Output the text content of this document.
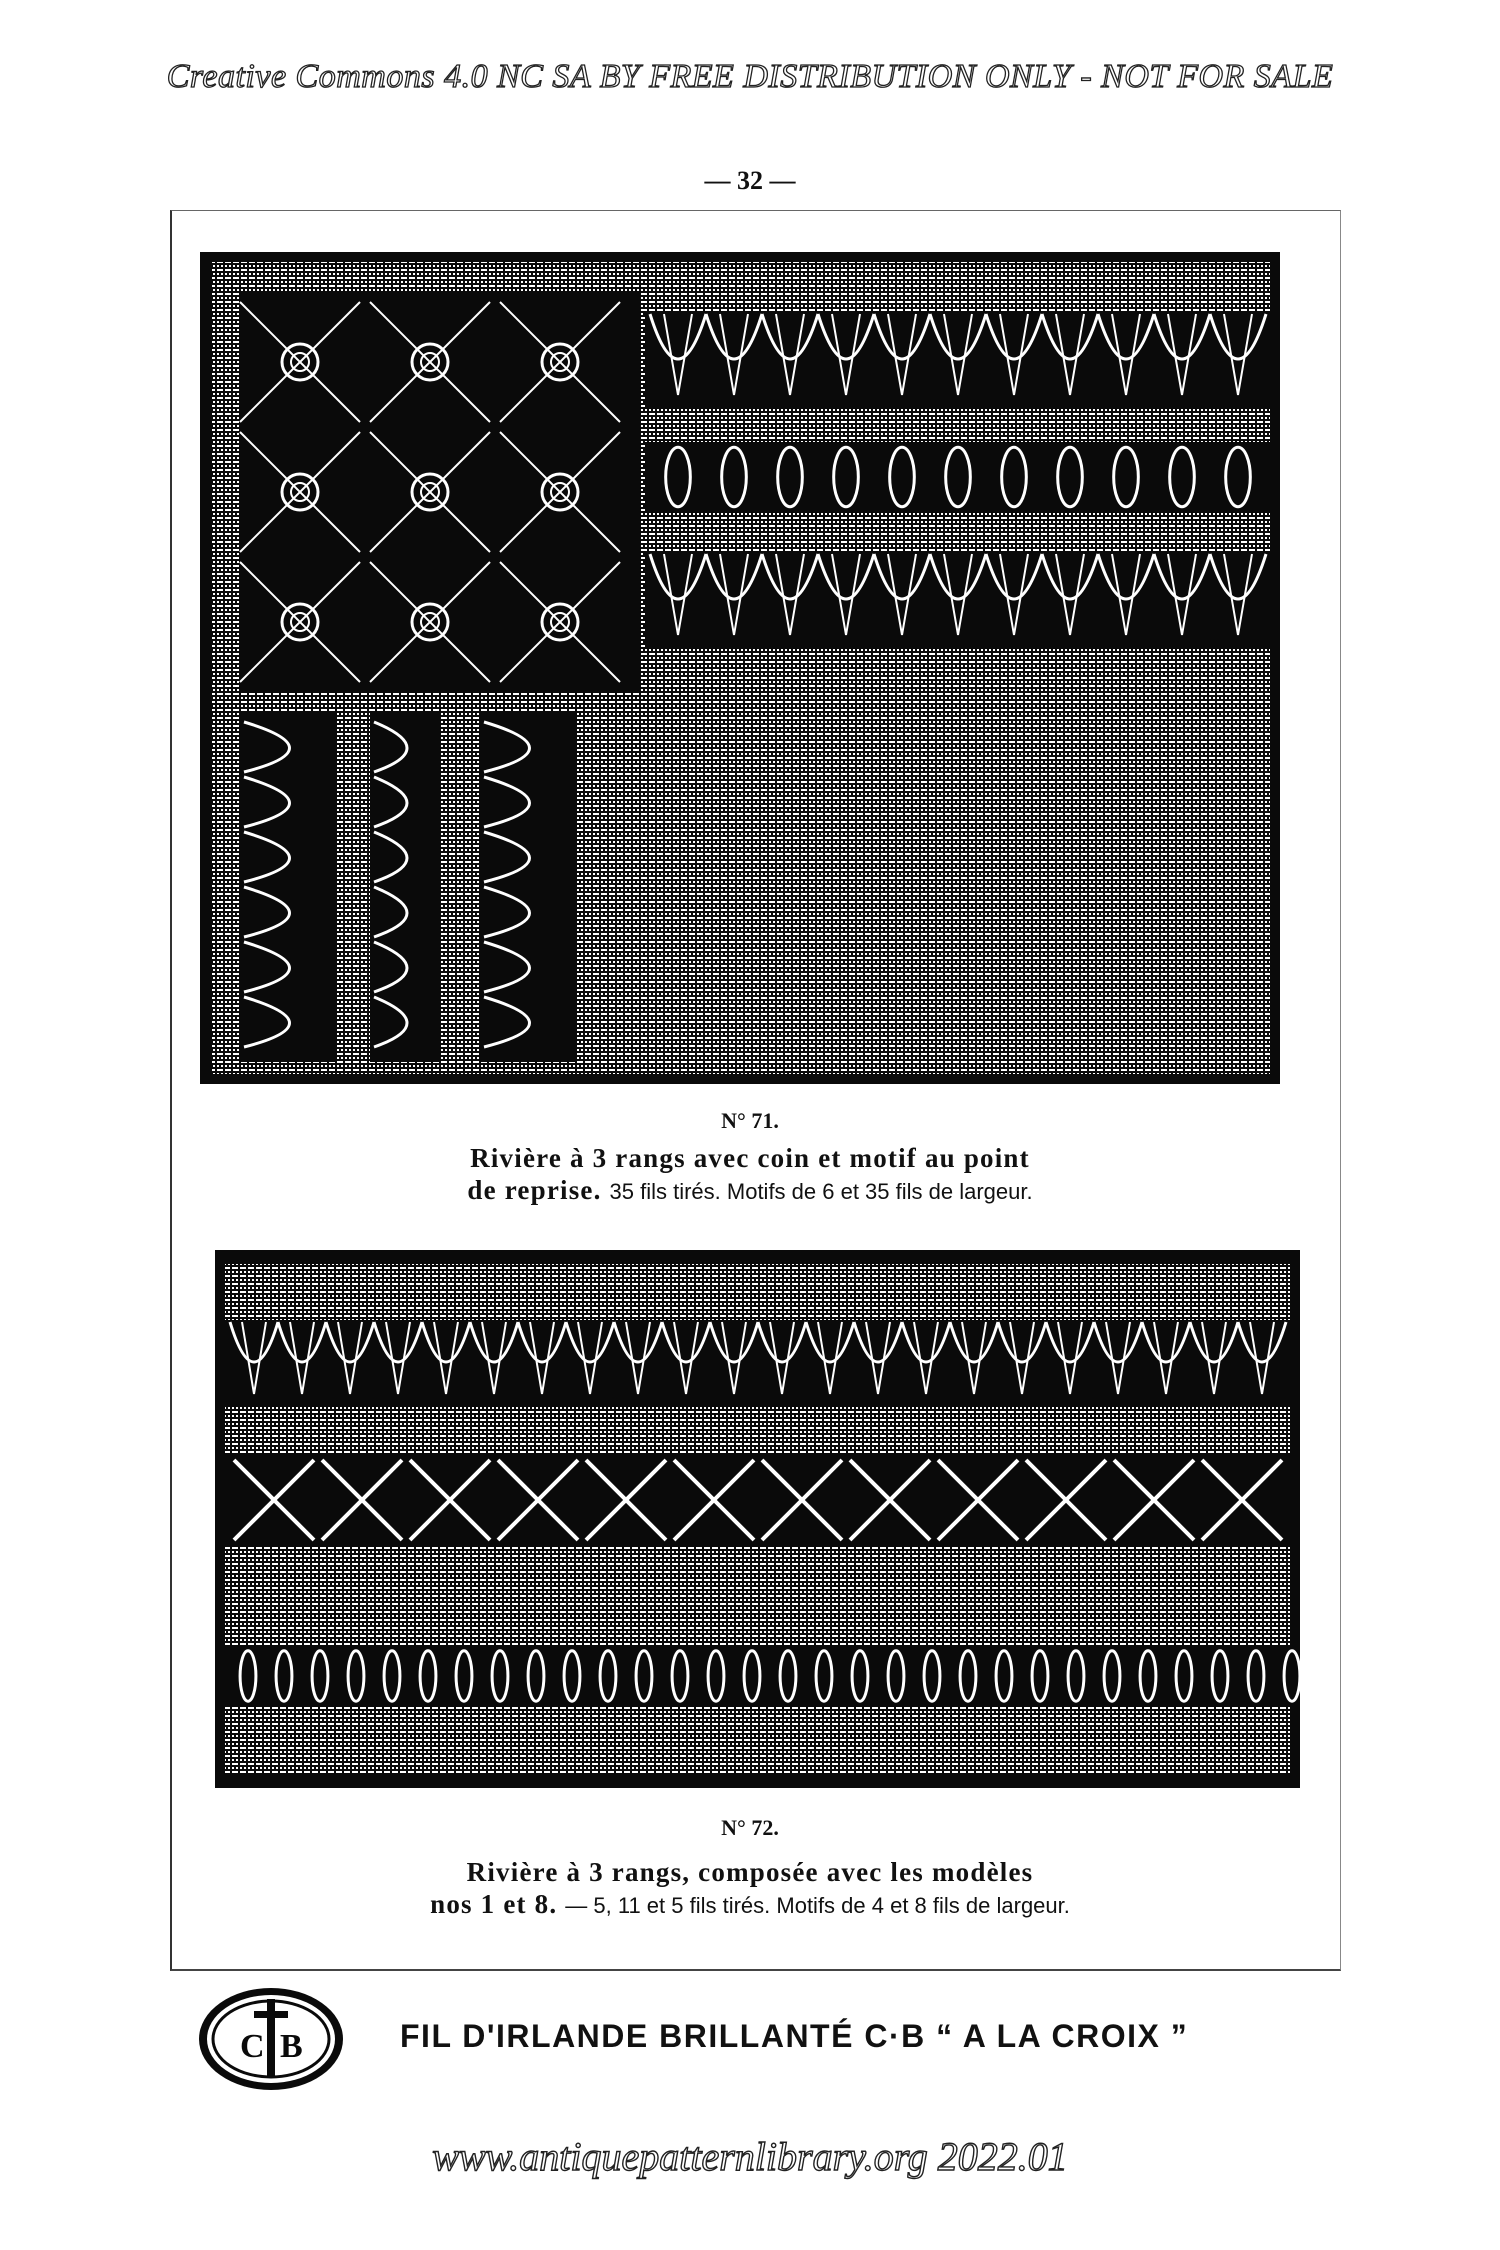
Creative Commons 4.0 NC SA BY FREE DISTRIBUTION ONLY - NOT FOR SALE
— 32 —
N° 71.
Rivière à 3 rangs avec coin et motif au point
de reprise. 35 fils tirés. Motifs de 6 et 35 fils de largeur.
N° 72.
Rivière à 3 rangs, composée avec les modèles
nos 1 et 8. — 5, 11 et 5 fils tirés. Motifs de 4 et 8 fils de largeur.
C B	FIL D'IRLANDE BRILLANTÉ C·B “ A LA CROIX ”
www.antiquepatternlibrary.org 2022.01
